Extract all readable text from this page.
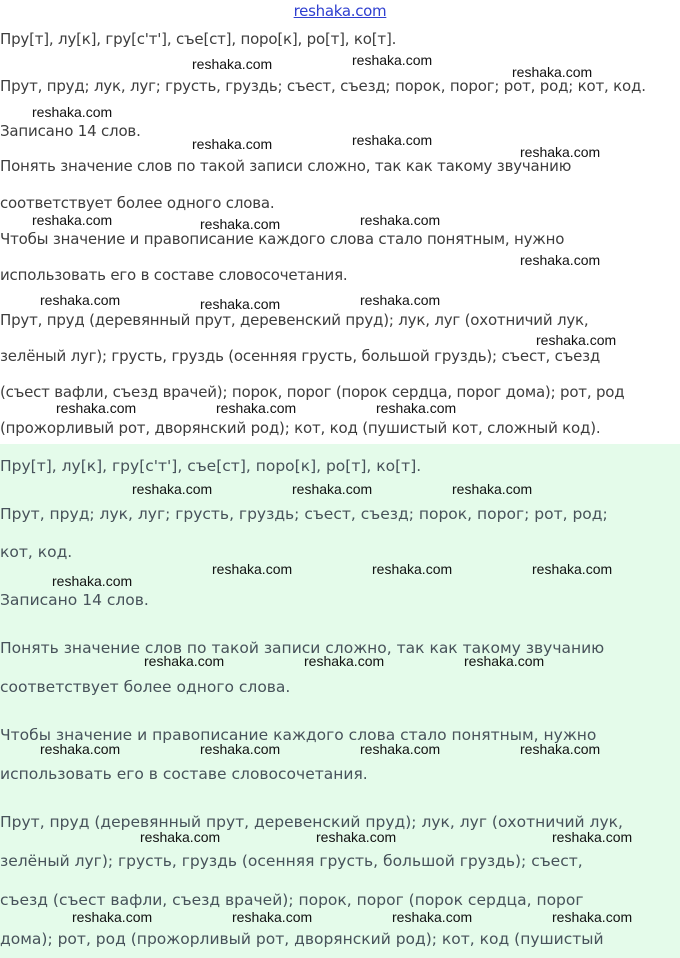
reshaka.com
Пру[т], лу[к], гру[с'т'], съе[ст], поро[к], ро[т], ко[т].
Прут, пруд; лук, луг; грусть, груздь; съест, съезд; порок, порог; рот, род; кот, код.
Записано 14 слов.
Понять значение слов по такой записи сложно, так как такому звучанию
соответствует более одного слова.
Чтобы значение и правописание каждого слова стало понятным, нужно
использовать его в составе словосочетания.
Прут, пруд (деревянный прут, деревенский пруд); лук, луг (охотничий лук,
зелёный луг); грусть, груздь (осенняя грусть, большой груздь); съест, съезд
(съест вафли, съезд врачей); порок, порог (порок сердца, порог дома); рот, род
(прожорливый рот, дворянский род); кот, код (пушистый кот, сложный код).
reshaka.com	reshaka.com
reshaka.com
reshaka.com
reshaka.com	reshaka.com
reshaka.com
reshaka.com	reshaka.com	reshaka.com
reshaka.com
reshaka.com	reshaka.com	reshaka.com
reshaka.com
reshaka.com	reshaka.com	reshaka.com
Пру[т], лу[к], гру[с'т'], съе[ст], поро[к], ро[т], ко[т].
Прут, пруд; лук, луг; грусть, груздь; съест, съезд; порок, порог; рот, род;
кот, код.
Записано 14 слов.
Понять значение слов по такой записи сложно, так как такому звучанию
соответствует более одного слова.
Чтобы значение и правописание каждого слова стало понятным, нужно
использовать его в составе словосочетания.
Прут, пруд (деревянный прут, деревенский пруд); лук, луг (охотничий лук,
зелёный луг); грусть, груздь (осенняя грусть, большой груздь); съест,
съезд (съест вафли, съезд врачей); порок, порог (порок сердца, порог
дома); рот, род (прожорливый рот, дворянский род); кот, код (пушистый
reshaka.com	reshaka.com	reshaka.com
reshaka.com	reshaka.com	reshaka.com
reshaka.com
reshaka.com	reshaka.com	reshaka.com
reshaka.com	reshaka.com	reshaka.com	reshaka.com
reshaka.com	reshaka.com	reshaka.com
reshaka.com	reshaka.com	reshaka.com	reshaka.com
